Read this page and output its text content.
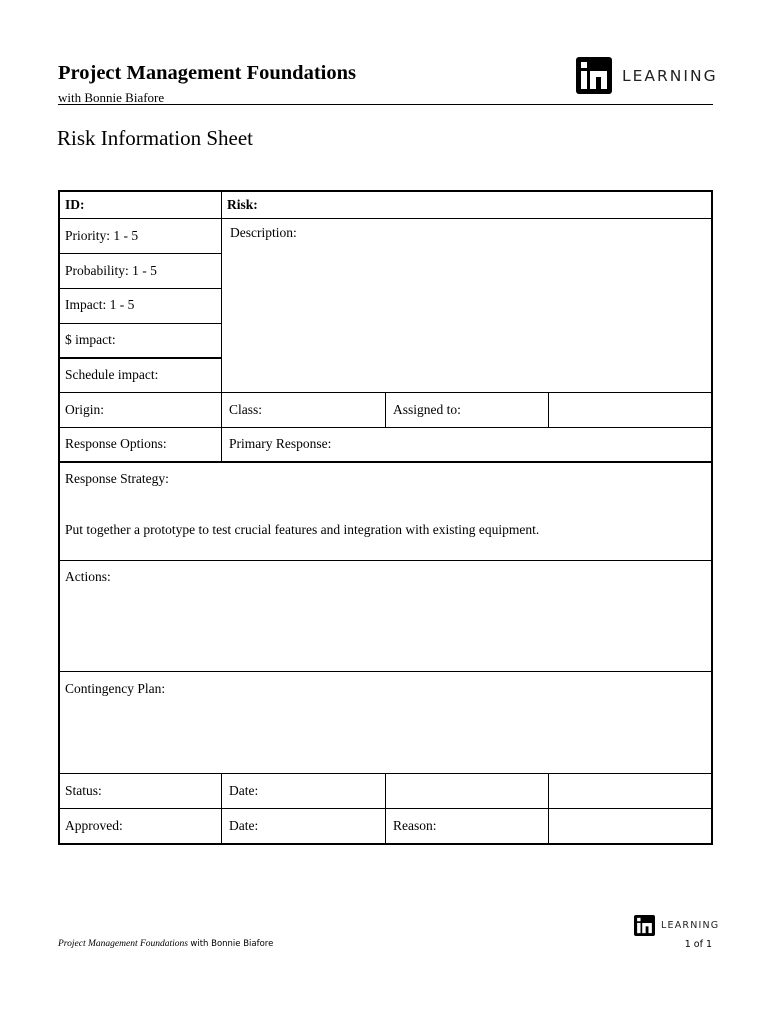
Project Management Foundations
with Bonnie Biafore
LEARNING
Risk Information Sheet
ID:	Risk:
Priority: 1 - 5	Description:
Probability: 1 - 5
Impact: 1 - 5
$ impact:
Schedule impact:
Origin:	Class:	Assigned to:
Response Options:	Primary Response:
Response Strategy:
Put together a prototype to test crucial features and integration with existing equipment.
Actions:
Contingency Plan:
Status:	Date:
Approved:	Date:	Reason:
LEARNING
Project Management Foundations with Bonnie Biafore	1 of 1
